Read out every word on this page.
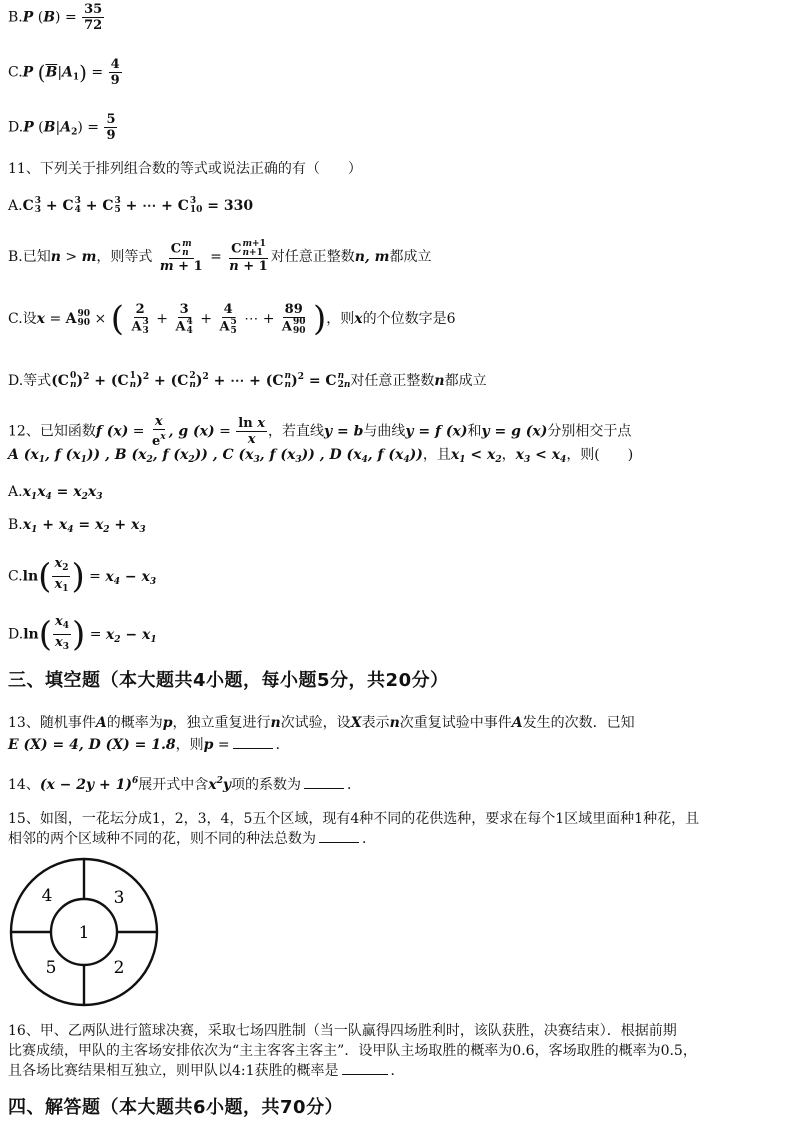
B.P $(B) = \frac{35}{72}$
C.P $(\overline{B}|A_1) = \frac{4}{9}$
D.P $(B|A_2) = \frac{5}{9}$
11、下列关于排列组合数的等式或说法正确的有（　　）
A.C 3
3 + C 3
4 + C 3
5 + ⋯ + C 3
10 = 330
B.已知n > m，则等式 C m
n
m + 1 = C m+1
n+1
n + 1 对任意正整数n, m都成立
C.设x = A 90
90 × ( 2
A 3
3 + 3
A 4
4 + 4
A 5
5 ⋯ + 89
A 90
90 )，则x的个位数字是6
D.等式(C 0
n )$^2$ + (C 1
n )$^2$ + (C 2
n )$^2$ + ⋯ + (C n
n )$^2$ = C n
2n 对任意正整数n都成立
12、已知函数f $(x) = \frac{x}{e^x}$ , g $(x) = \frac{\text{ln x}}{x}$ ，若直线y = b与曲线y = f (x)和y = g (x)分别相交于点
A ($x_1$, f $(x_1)$) , B ($x_2$, f $(x_2)$) , C ($x_3$, f $(x_3)$) , D ($x_4$, f $(x_4)$)，且$x_1 < x_2$，$x_3 < x_4$，则(　　)
$A.x_1x_4 = x_2x_3$
$B.x_1 + x_4 = x_2 + x_3$
$C.\ln( \frac{x_2}{x_1}$ ) = $x_4 - x_3$
$D.\ln( \frac{x_4}{x_3}$ ) = $x_2 - x_1$
三、填空题（本大题共4小题，每小题5分，共20分）
13、随机事件A的概率为p，独立重复进行n次试验，设X表示n次重复试验中事件A发生的次数．已知
E (X) = 4, D (X) = 1.8，则p =	．
14、$(x - 2y + 1)^6$展开式中含$x^2y$项的系数为	．
15、如图，一花坛分成1，2，3，4，5五个区域，现有4种不同的花供选种，要求在每个1区域里面种1种花，且
相邻的两个区域种不同的花，则不同的种法总数为	．
1
2
3
4
5
16、甲、乙两队进行篮球决赛，采取七场四胜制（当一队赢得四场胜利时，该队获胜，决赛结束）．根据前期
比赛成绩，甲队的主客场安排依次为“主主客客主客主”．设甲队主场取胜的概率为0.6，客场取胜的概率为0.5，
且各场比赛结果相互独立，则甲队以4:1获胜的概率是	．
四、解答题（本大题共6小题，共70分）
